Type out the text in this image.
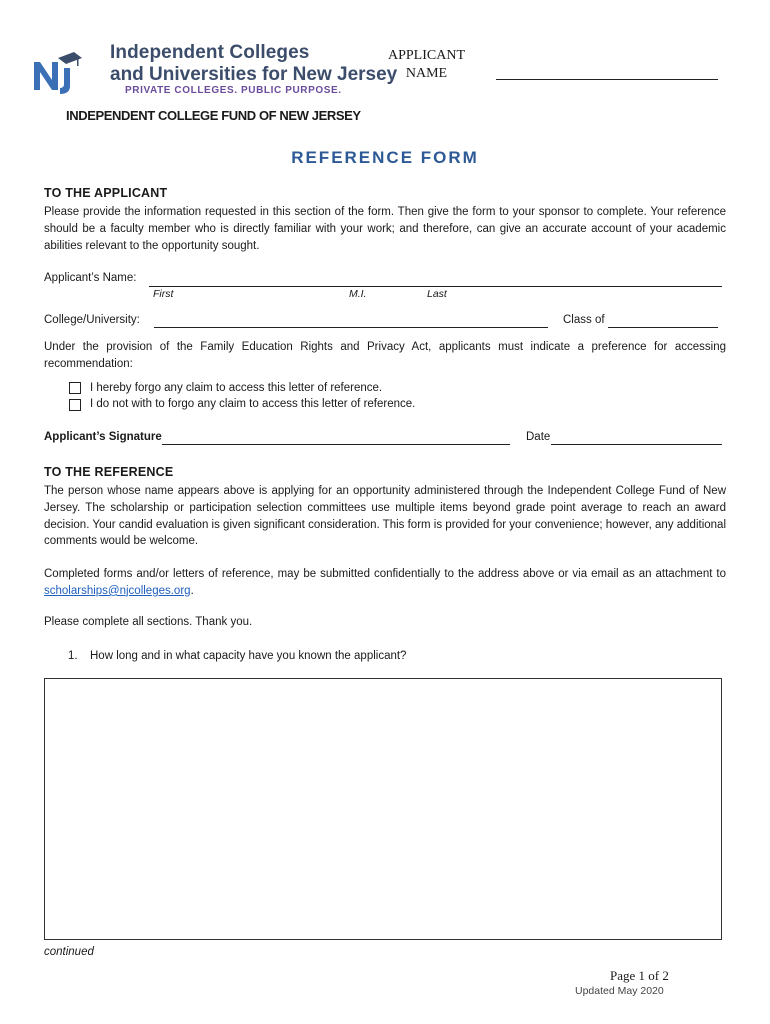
Independent Colleges
and Universities for New Jersey
PRIVATE COLLEGES. PUBLIC PURPOSE.
APPLICANT
NAME
INDEPENDENT COLLEGE FUND OF NEW JERSEY
REFERENCE FORM
TO THE APPLICANT
Please provide the information requested in this section of the form. Then give the form to your sponsor to complete. Your reference should be a faculty member who is directly familiar with your work; and therefore, can give an accurate account of your academic abilities relevant to the opportunity sought.
Applicant’s Name:
First	M.I.	Last
College/University:	Class of
Under the provision of the Family Education Rights and Privacy Act, applicants must indicate a preference for accessing recommendation:
I hereby forgo any claim to access this letter of reference.
I do not with to forgo any claim to access this letter of reference.
Applicant’s Signature	Date
TO THE REFERENCE
The person whose name appears above is applying for an opportunity administered through the Independent College Fund of New Jersey. The scholarship or participation selection committees use multiple items beyond grade point average to reach an award decision. Your candid evaluation is given significant consideration. This form is provided for your convenience; however, any additional comments would be welcome.
Completed forms and/or letters of reference, may be submitted confidentially to the address above or via email as an attachment to scholarships@njcolleges.org.
Please complete all sections. Thank you.
1. How long and in what capacity have you known the applicant?
continued
Page 1 of 2
Updated May 2020
